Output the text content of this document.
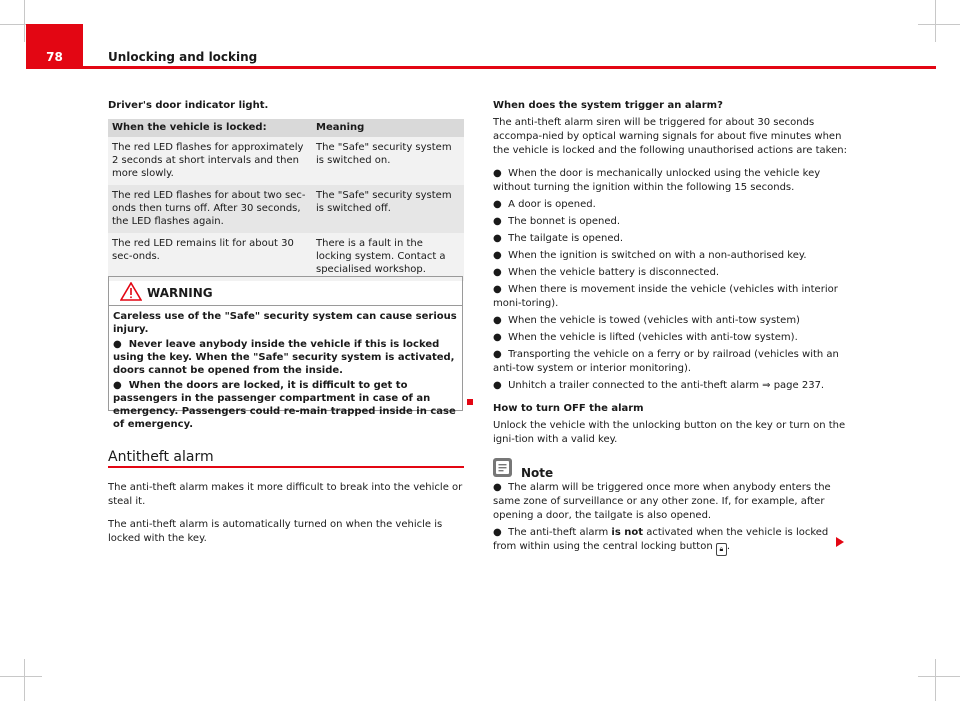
78	Unlocking and locking
Driver's door indicator light.
When the vehicle is locked:	Meaning
The red LED flashes for approximately 2 seconds at short intervals and then more slowly.	The "Safe" security system is switched on.
The red LED flashes for about two sec-onds then turns off. After 30 seconds, the LED flashes again.	The "Safe" security system is switched off.
The red LED remains lit for about 30 sec-onds.	There is a fault in the locking system. Contact a specialised workshop.
WARNING

Careless use of the "Safe" security system can cause serious injury.

● Never leave anybody inside the vehicle if this is locked using the key. When the "Safe" security system is activated, doors cannot be opened from the inside.

● When the doors are locked, it is difficult to get to passengers in the passenger compartment in case of an emergency. Passengers could re-main trapped inside in case of emergency.

Antitheft alarm

The anti-theft alarm makes it more difficult to break into the vehicle or steal it.

The anti-theft alarm is automatically turned on when the vehicle is locked with the key.

When does the system trigger an alarm?

The anti-theft alarm siren will be triggered for about 30 seconds accompa-nied by optical warning signals for about five minutes when the vehicle is locked and the following unauthorised actions are taken:

● When the door is mechanically unlocked using the vehicle key without turning the ignition within the following 15 seconds.

● A door is opened.

● The bonnet is opened.

● The tailgate is opened.

● When the ignition is switched on with a non-authorised key.

● When the vehicle battery is disconnected.

● When there is movement inside the vehicle (vehicles with interior moni-toring).

● When the vehicle is towed (vehicles with anti-tow system)

● When the vehicle is lifted (vehicles with anti-tow system).

● Transporting the vehicle on a ferry or by railroad (vehicles with an anti-tow system or interior monitoring).

● Unhitch a trailer connected to the anti-theft alarm ⇒ page 237.

How to turn OFF the alarm

Unlock the vehicle with the unlocking button on the key or turn on the igni-tion with a valid key.

Note

● The alarm will be triggered once more when anybody enters the same zone of surveillance or any other zone. If, for example, after opening a door, the tailgate is also opened.

● The anti-theft alarm is not activated when the vehicle is locked from within using the central locking button 🔒︎ .
